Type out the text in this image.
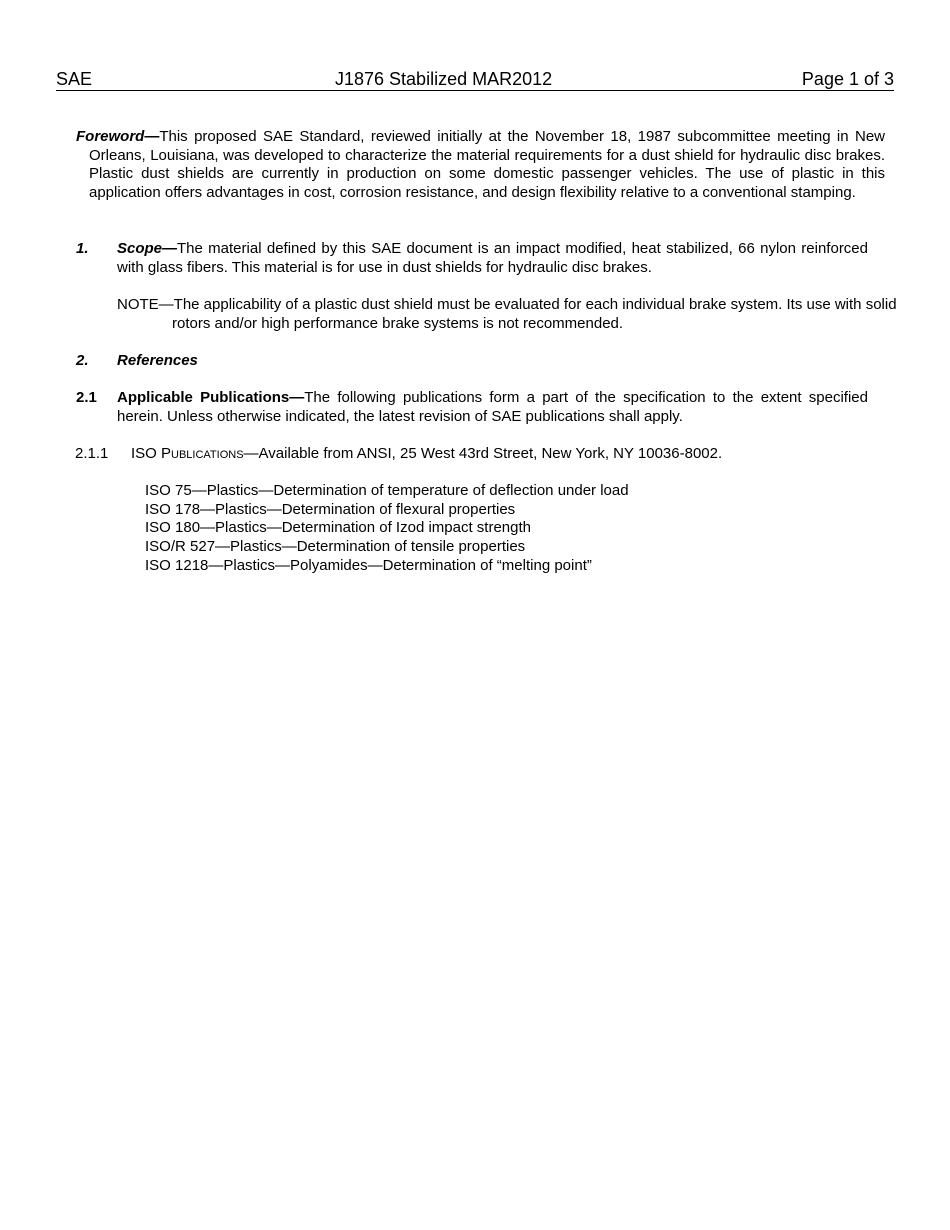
SAE	J1876 Stabilized MAR2012	Page 1 of 3
Foreword—This proposed SAE Standard, reviewed initially at the November 18, 1987 subcommittee meeting in New Orleans, Louisiana, was developed to characterize the material requirements for a dust shield for hydraulic disc brakes. Plastic dust shields are currently in production on some domestic passenger vehicles. The use of plastic in this application offers advantages in cost, corrosion resistance, and design flexibility relative to a conventional stamping.
1. Scope—The material defined by this SAE document is an impact modified, heat stabilized, 66 nylon reinforced with glass fibers. This material is for use in dust shields for hydraulic disc brakes.
NOTE—The applicability of a plastic dust shield must be evaluated for each individual brake system. Its use with solid rotors and/or high performance brake systems is not recommended.
2. References
2.1 Applicable Publications—The following publications form a part of the specification to the extent specified herein. Unless otherwise indicated, the latest revision of SAE publications shall apply.
2.1.1 ISO Publications—Available from ANSI, 25 West 43rd Street, New York, NY 10036-8002.
ISO 75—Plastics—Determination of temperature of deflection under load
ISO 178—Plastics—Determination of flexural properties
ISO 180—Plastics—Determination of Izod impact strength
ISO/R 527—Plastics—Determination of tensile properties
ISO 1218—Plastics—Polyamides—Determination of “melting point”
